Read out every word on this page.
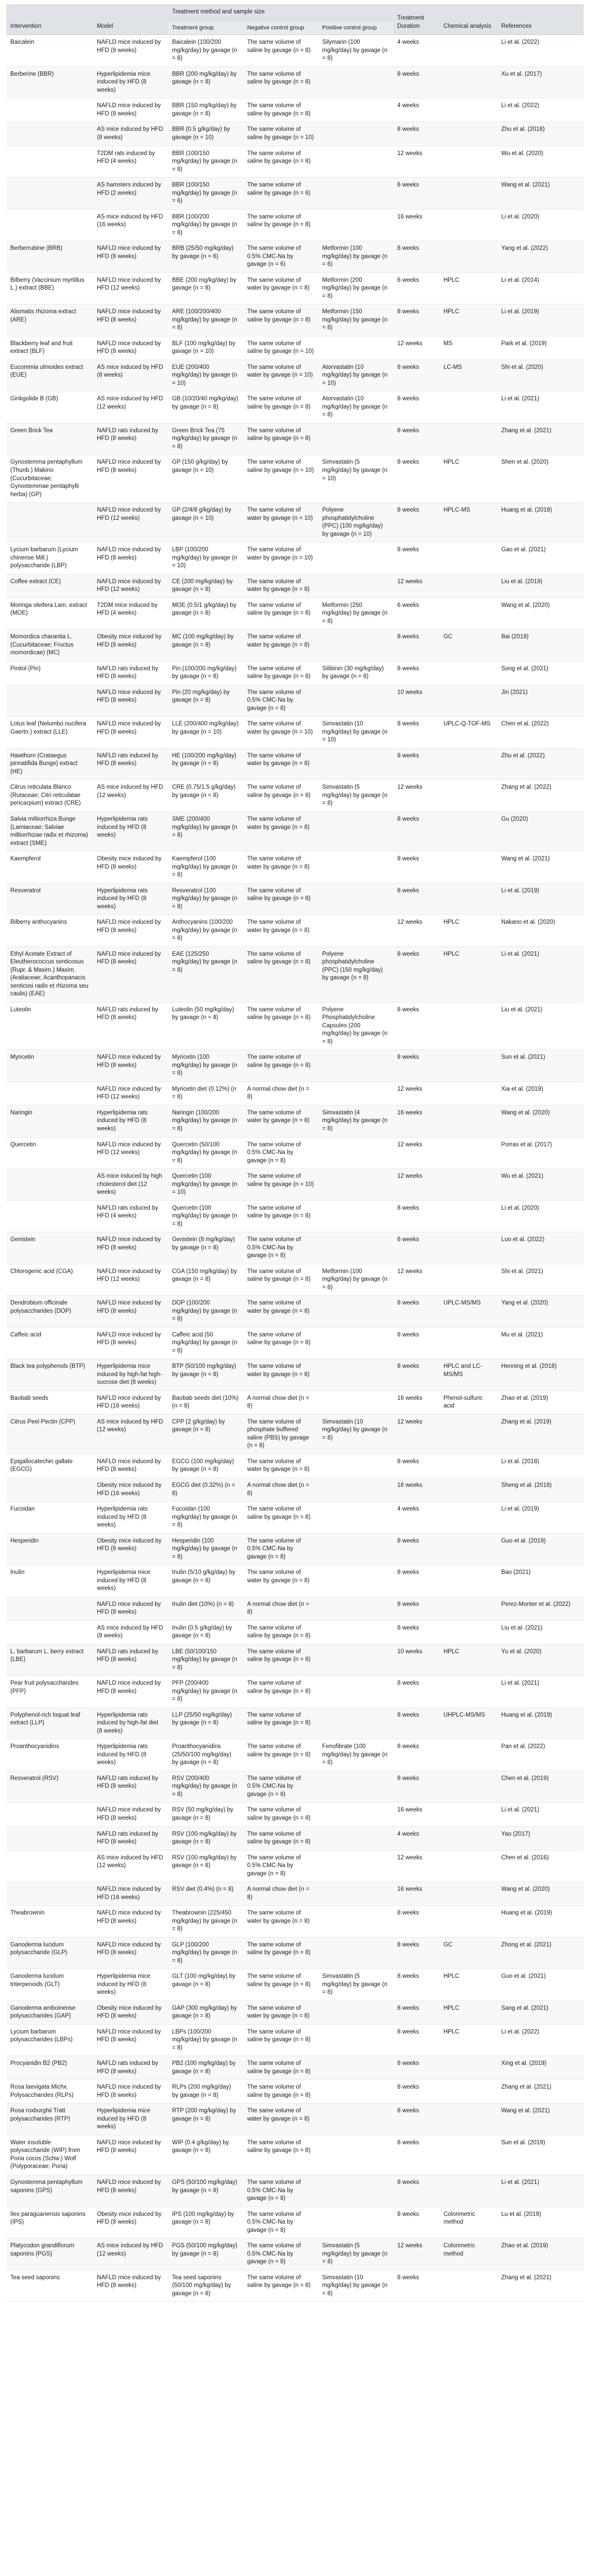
Intervention	Model	Treatment method and sample size			Treatment Duration	Chemical analysis	References
		Treatment group	Negative control group	Positive control group			
Baicalein	NAFLD mice induced by HFD (8 weeks)	Baicalein (100/200 mg/kg/day) by gavage (n = 8)	The same volume of saline by gavage (n = 8)	Silymarin (100 mg/kg/day) by gavage (n = 8)	4 weeks		Li et al. (2022)
Berberine (BBR)	Hyperlipidemia mice induced by HFD (8 weeks)	BBR (200 mg/kg/day) by gavage (n = 8)	The same volume of saline by gavage (n = 8)		8 weeks		Xu et al. (2017)
	NAFLD mice induced by HFD (8 weeks)	BBR (150 mg/kg/day) by gavage (n = 8)	The same volume of saline by gavage (n = 8)		4 weeks		Li et al. (2022)
	AS mice induced by HFD (8 weeks)	BBR (0.5 g/kg/day) by gavage (n = 10)	The same volume of saline by gavage (n = 10)		8 weeks		Zhu et al. (2018)
	T2DM rats induced by HFD (4 weeks)	BBR (100/150 mg/kg/day) by gavage (n = 8)	The same volume of saline by gavage (n = 8)		12 weeks		Wu et al. (2020)
	AS hamsters induced by HFD (2 weeks)	BBR (100/150 mg/kg/day) by gavage (n = 6)	The same volume of saline by gavage (n = 6)		6 weeks		Wang et al. (2021)
	AS mice induced by HFD (16 weeks)	BBR (100/200 mg/kg/day) by gavage (n = 8)	The same volume of saline by gavage (n = 8)		16 weeks		Li et al. (2020)
Berberrubine (BRB)	NAFLD mice induced by HFD (8 weeks)	BRB (25/50 mg/kg/day) by gavage (n = 6)	The same volume of 0.5% CMC-Na by gavage (n = 6)	Metformin (100 mg/kg/day) by gavage (n = 6)	8 weeks		Yang et al. (2022)
Bilberry (Vaccinium myrtillus L.) extract (BBE)	NAFLD mice induced by HFD (12 weeks)	BBE (200 mg/kg/day) by gavage (n = 8)	The same volume of water by gavage (n = 8)	Metformin (200 mg/kg/day) by gavage (n = 8)	6 weeks	HPLC	Li et al. (2014)
Alismatis rhizoma extract (ARE)	NAFLD mice induced by HFD (8 weeks)	ARE (100/200/400 mg/kg/day) by gavage (n = 8)	The same volume of saline by gavage (n = 8)	Metformin (150 mg/kg/day) by gavage (n = 8)	8 weeks	HPLC	Li et al. (2019)
Blackberry leaf and fruit extract (BLF)	NAFLD mice induced by HFD (8 weeks)	BLF (100 mg/kg/day) by gavage (n = 10)	The same volume of saline by gavage (n = 10)		12 weeks	MS	Park et al. (2019)
Eucommia ulmoides extract (EUE)	AS mice induced by HFD (8 weeks)	EUE (200/400 mg/kg/day) by gavage (n = 10)	The same volume of water by gavage (n = 10)	Atorvastatin (10 mg/kg/day) by gavage (n = 10)	8 weeks	LC-MS	Shi et al. (2020)
Ginkgolide B (GB)	AS mice induced by HFD (12 weeks)	GB (10/20/40 mg/kg/day) by gavage (n = 8)	The same volume of saline by gavage (n = 8)	Atorvastatin (10 mg/kg/day) by gavage (n = 8)	8 weeks		Li et al. (2021)
Green Brick Tea	NAFLD rats induced by HFD (8 weeks)	Green Brick Tea (75 mg/kg/day) by gavage (n = 8)	The same volume of saline by gavage (n = 8)		8 weeks		Zhang et al. (2021)
Gynostemma pentaphyllum (Thunb.) Makino (Cucurbitaceae; Gynostemmae pentaphylli herba) (GP)	NAFLD mice induced by HFD (8 weeks)	GP (150 g/kg/day) by gavage (n = 10)	The same volume of saline by gavage (n = 10)	Simvastatin (5 mg/kg/day) by gavage (n = 10)	8 weeks	HPLC	Shen et al. (2020)
	NAFLD mice induced by HFD (12 weeks)	GP (2/4/8 g/kg/day) by gavage (n = 10)	The same volume of water by gavage (n = 10)	Polyene phosphatidylcholine (PPC) (100 mg/kg/day) by gavage (n = 10)	8 weeks	HPLC-MS	Huang et al. (2018)
Lycium barbarum (Lycium chinense Mill.) polysaccharide (LBP)	NAFLD mice induced by HFD (8 weeks)	LBP (100/200 mg/kg/day) by gavage (n = 10)	The same volume of water by gavage (n = 10)		8 weeks		Gao et al. (2021)
Coffee extract (CE)	NAFLD mice induced by HFD (12 weeks)	CE (200 mg/kg/day) by gavage (n = 8)	The same volume of water by gavage (n = 8)		12 weeks		Liu et al. (2019)
Moringa oleifera Lam. extract (MOE)	T2DM mice induced by HFD (4 weeks)	MOE (0.5/1 g/kg/day) by gavage (n = 8)	The same volume of saline by gavage (n = 8)	Metformin (250 mg/kg/day) by gavage (n = 8)	6 weeks		Wang et al. (2020)
Momordica charantia L. (Cucurbitaceae; Fructus momordicae) (MC)	Obesity mice induced by HFD (8 weeks)	MC (100 mg/kg/day) by gavage (n = 8)	The same volume of water by gavage (n = 8)		8 weeks	GC	Bai (2019)
Pinitol (Pin)	NAFLD rats induced by HFD (8 weeks)	Pin (100/200 mg/kg/day) by gavage (n = 8)	The same volume of saline by gavage (n = 8)	Silibinin (30 mg/kg/day) by gavage (n = 8)	8 weeks		Song et al. (2021)
	NAFLD mice induced by HFD (8 weeks)	Pin (20 mg/kg/day) by gavage (n = 8)	The same volume of 0.5% CMC-Na by gavage (n = 8)		10 weeks		Jin (2021)
Lotus leaf (Nelumbo nucifera Gaertn.) extract (LLE)	NAFLD mice induced by HFD (8 weeks)	LLE (200/400 mg/kg/day) by gavage (n = 10)	The same volume of water by gavage (n = 10)	Simvastatin (10 mg/kg/day) by gavage (n = 10)	8 weeks	UPLC-Q-TOF-MS	Chen et al. (2022)
Hawthorn (Crataegus pinnatifida Bunge) extract (HE)	NAFLD rats induced by HFD (8 weeks)	HE (100/200 mg/kg/day) by gavage (n = 8)	The same volume of water by gavage (n = 8)		8 weeks		Zhu et al. (2022)
Citrus reticulata Blanco (Rutaceae; Citri reticulatae pericarpium) extract (CRE)	AS mice induced by HFD (12 weeks)	CRE (0.75/1.5 g/kg/day) by gavage (n = 8)	The same volume of saline by gavage (n = 8)	Simvastatin (5 mg/kg/day) by gavage (n = 8)	12 weeks		Zhang et al. (2022)
Salvia miltiorrhiza Bunge (Lamiaceae; Salviae miltiorrhizae radix et rhizoma) extract (SME)	Hyperlipidemia rats induced by HFD (8 weeks)	SME (200/400 mg/kg/day) by gavage (n = 8)	The same volume of water by gavage (n = 8)		8 weeks		Gu (2020)
Kaempferol	Obesity mice induced by HFD (8 weeks)	Kaempferol (100 mg/kg/day) by gavage (n = 8)	The same volume of water by gavage (n = 8)		8 weeks		Wang et al. (2021)
Resveratrol	Hyperlipidemia rats induced by HFD (8 weeks)	Resveratrol (100 mg/kg/day) by gavage (n = 8)	The same volume of saline by gavage (n = 8)		8 weeks		Li et al. (2019)
Bilberry anthocyanins	NAFLD mice induced by HFD (8 weeks)	Anthocyanins (100/200 mg/kg/day) by gavage (n = 8)	The same volume of water by gavage (n = 8)		12 weeks	HPLC	Nakano et al. (2020)
Ethyl Acetate Extract of Eleutherococcus senticosus (Rupr. & Maxim.) Maxim. (Araliaceae; Acanthopanacis senticosi radix et rhizoma seu caulis) (EAE)	NAFLD mice induced by HFD (8 weeks)	EAE (125/250 mg/kg/day) by gavage (n = 8)	The same volume of saline by gavage (n = 8)	Polyene phosphatidylcholine (PPC) (150 mg/kg/day) by gavage (n = 8)	8 weeks	HPLC	Li et al. (2021)
Luteolin	NAFLD rats induced by HFD (8 weeks)	Luteolin (50 mg/kg/day) by gavage (n = 8)	The same volume of saline by gavage (n = 8)	Polyene Phosphatidylcholine Capsules (200 mg/kg/day) by gavage (n = 8)	8 weeks		Liu et al. (2021)
Myricetin	NAFLD mice induced by HFD (8 weeks)	Myricetin (100 mg/kg/day) by gavage (n = 8)	The same volume of saline by gavage (n = 8)		8 weeks		Sun et al. (2021)
	NAFLD mice induced by HFD (12 weeks)	Myricetin diet (0.12%) (n = 8)	A normal chow diet (n = 8)		12 weeks		Xia et al. (2019)
Naringin	Hyperlipidemia rats induced by HFD (8 weeks)	Naringin (100/200 mg/kg/day) by gavage (n = 8)	The same volume of water by gavage (n = 8)	Simvastatin (4 mg/kg/day) by gavage (n = 8)	16 weeks		Wang et al. (2020)
Quercetin	NAFLD mice induced by HFD (12 weeks)	Quercetin (50/100 mg/kg/day) by gavage (n = 8)	The same volume of 0.5% CMC-Na by gavage (n = 8)		12 weeks		Porras et al. (2017)
	AS mice induced by high cholesterol diet (12 weeks)	Quercetin (100 mg/kg/day) by gavage (n = 10)	The same volume of saline by gavage (n = 10)		12 weeks		Wu et al. (2021)
	NAFLD rats induced by HFD (4 weeks)	Quercetin (100 mg/kg/day) by gavage (n = 8)	The same volume of saline by gavage (n = 8)		8 weeks		Li et al. (2020)
Genistein	NAFLD mice induced by HFD (8 weeks)	Genistein (8 mg/kg/day) by gavage (n = 8)	The same volume of 0.5% CMC-Na by gavage (n = 8)		6 weeks		Luo et al. (2022)
Chlorogenic acid (CGA)	NAFLD mice induced by HFD (12 weeks)	CGA (150 mg/kg/day) by gavage (n = 8)	The same volume of saline by gavage (n = 8)	Metformin (100 mg/kg/day) by gavage (n = 8)	12 weeks		Shi et al. (2021)
Dendrobium officinale polysaccharides (DOP)	NAFLD mice induced by HFD (8 weeks)	DOP (100/200 mg/kg/day) by gavage (n = 8)	The same volume of water by gavage (n = 8)		8 weeks	UPLC-MS/MS	Yang et al. (2020)
Caffeic acid	NAFLD mice induced by HFD (8 weeks)	Caffeic acid (50 mg/kg/day) by gavage (n = 8)	The same volume of saline by gavage (n = 8)		8 weeks		Mu et al. (2021)
Black tea polyphenols (BTP)	Hyperlipidemia mice induced by high-fat high-sucrose diet (8 weeks)	BTP (50/100 mg/kg/day) by gavage (n = 8)	The same volume of water by gavage (n = 8)		8 weeks	HPLC and LC-MS/MS	Henning et al. (2018)
Baobab seeds	NAFLD mice induced by HFD (16 weeks)	Baobab seeds diet (10%) (n = 8)	A normal chow diet (n = 8)		16 weeks	Phenol-sulfuric acid	Zhao et al. (2019)
Citrus Peel Pectin (CPP)	AS mice induced by HFD (12 weeks)	CPP (2 g/kg/day) by gavage (n = 8)	The same volume of phosphate buffered saline (PBS) by gavage (n = 8)	Simvastatin (10 mg/kg/day) by gavage (n = 8)	12 weeks		Zhang et al. (2019)
Epigallocatechin gallate (EGCG)	NAFLD mice induced by HFD (8 weeks)	EGCG (100 mg/kg/day) by gavage (n = 8)	The same volume of water by gavage (n = 8)		8 weeks		Li et al. (2018)
	Obesity mice induced by HFD (16 weeks)	EGCG diet (0.32%) (n = 8)	A normal chow diet (n = 8)		16 weeks		Sheng et al. (2018)
Fucoidan	Hyperlipidemia rats induced by HFD (8 weeks)	Fucoidan (100 mg/kg/day) by gavage (n = 8)	The same volume of saline by gavage (n = 8)		4 weeks		Li et al. (2019)
Hesperidin	Obesity mice induced by HFD (8 weeks)	Hesperidin (100 mg/kg/day) by gavage (n = 8)	The same volume of 0.5% CMC-Na by gavage (n = 8)		8 weeks		Guo et al. (2019)
Inulin	Hyperlipidemia mice induced by HFD (8 weeks)	Inulin (5/10 g/kg/day) by gavage (n = 8)	The same volume of water by gavage (n = 8)		8 weeks		Bao (2021)
	NAFLD mice induced by HFD (8 weeks)	Inulin diet (10%) (n = 8)	A normal chow diet (n = 8)		8 weeks		Perez-Monter et al. (2022)
	AS mice induced by HFD (8 weeks)	Inulin (0.5 g/kg/day) by gavage (n = 8)	The same volume of saline by gavage (n = 8)		8 weeks		Liu et al. (2021)
L. barbarum L. berry extract (LBE)	NAFLD rats induced by HFD (8 weeks)	LBE (50/100/150 mg/kg/day) by gavage (n = 8)	The same volume of saline by gavage (n = 8)		10 weeks	HPLC	Yu et al. (2020)
Pear fruit polysaccharides (PFP)	NAFLD mice induced by HFD (8 weeks)	PFP (200/400 mg/kg/day) by gavage (n = 8)	The same volume of saline by gavage (n = 8)		8 weeks		Li et al. (2021)
Polyphenol-rich loquat leaf extract (LLP)	Hyperlipidemia rats induced by high-fat diet (8 weeks)	LLP (25/50 mg/kg/day) by gavage (n = 8)	The same volume of saline by gavage (n = 8)		8 weeks	UHPLC-MS/MS	Huang et al. (2019)
Proanthocyanidins	Hyperlipidemia rats induced by HFD (8 weeks)	Proanthocyanidins (25/50/100 mg/kg/day) by gavage (n = 8)	The same volume of saline by gavage (n = 8)	Fenofibrate (100 mg/kg/day) by gavage (n = 8)	8 weeks		Pan et al. (2022)
Resveratrol (RSV)	NAFLD rats induced by HFD (8 weeks)	RSV (200/400 mg/kg/day) by gavage (n = 8)	The same volume of 0.5% CMC-Na by gavage (n = 8)		8 weeks		Chen et al. (2019)
	NAFLD mice induced by HFD (8 weeks)	RSV (50 mg/kg/day) by gavage (n = 8)	The same volume of saline by gavage (n = 8)		16 weeks		Li et al. (2021)
	NAFLD rats induced by HFD (8 weeks)	RSV (100 mg/kg/day) by gavage (n = 8)	The same volume of saline by gavage (n = 8)		4 weeks		Yao (2017)
	AS mice induced by HFD (12 weeks)	RSV (100 mg/kg/day) by gavage (n = 8)	The same volume of 0.5% CMC-Na by gavage (n = 8)		12 weeks		Chen et al. (2016)
	NAFLD mice induced by HFD (16 weeks)	RSV diet (0.4%) (n = 8)	A normal chow diet (n = 8)		16 weeks		Wang et al. (2020)
Theabrownin	NAFLD mice induced by HFD (8 weeks)	Theabrownin (225/450 mg/kg/day) by gavage (n = 8)	The same volume of water by gavage (n = 8)		8 weeks		Huang et al. (2019)
Ganoderma lucidum polysaccharide (GLP)	NAFLD mice induced by HFD (8 weeks)	GLP (100/200 mg/kg/day) by gavage (n = 8)	The same volume of saline by gavage (n = 8)		8 weeks	GC	Zhong et al. (2021)
Ganoderma lucidum triterpenoids (GLT)	Hyperlipidemia mice induced by HFD (8 weeks)	GLT (100 mg/kg/day) by gavage (n = 8)	The same volume of saline by gavage (n = 8)	Simvastatin (5 mg/kg/day) by gavage (n = 8)	8 weeks	HPLC	Guo et al. (2021)
Ganoderma amboinense polysaccharides (GAP)	Obesity mice induced by HFD (8 weeks)	GAP (300 mg/kg/day) by gavage (n = 8)	The same volume of water by gavage (n = 8)		8 weeks	HPLC	Sang et al. (2021)
Lycium barbarum polysaccharides (LBPs)	NAFLD mice induced by HFD (8 weeks)	LBPs (100/200 mg/kg/day) by gavage (n = 8)	The same volume of saline by gavage (n = 8)		8 weeks	HPLC	Li et al. (2022)
Procyanidin B2 (PB2)	NAFLD rats induced by HFD (8 weeks)	PB2 (100 mg/kg/day) by gavage (n = 8)	The same volume of saline by gavage (n = 8)		8 weeks		Xing et al. (2019)
Rosa laevigata Michx. Polysaccharides (RLPs)	NAFLD mice induced by HFD (8 weeks)	RLPs (200 mg/kg/day) by gavage (n = 8)	The same volume of saline by gavage (n = 8)		8 weeks		Zhang et al. (2021)
Rosa roxburghii Tratt polysaccharides (RTP)	Hyperlipidemia mice induced by HFD (8 weeks)	RTP (200 mg/kg/day) by gavage (n = 8)	The same volume of water by gavage (n = 8)		8 weeks		Wang et al. (2021)
Water insoluble polysaccharide (WIP) from Poria cocos (Schw.) Wolf (Polyporaceae; Poria)	NAFLD mice induced by HFD (8 weeks)	WIP (0.4 g/kg/day) by gavage (n = 8)	The same volume of saline by gavage (n = 8)		8 weeks		Sun et al. (2019)
Gynostemma pentaphyllum saponins (GPS)	NAFLD mice induced by HFD (8 weeks)	GPS (50/100 mg/kg/day) by gavage (n = 8)	The same volume of 0.5% CMC-Na by gavage (n = 8)		8 weeks		Li et al. (2021)
Ilex paraguariensis saponins (IPS)	Obesity mice induced by HFD (8 weeks)	IPS (100 mg/kg/day) by gavage (n = 8)	The same volume of 0.5% CMC-Na by gavage (n = 8)		8 weeks	Colorimetric method	Lu et al. (2019)
Platycodon grandiflorum saponins (PGS)	AS mice induced by HFD (12 weeks)	PGS (50/100 mg/kg/day) by gavage (n = 8)	The same volume of 0.5% CMC-Na by gavage (n = 8)	Simvastatin (5 mg/kg/day) by gavage (n = 8)	12 weeks	Colorimetric method	Zhao et al. (2019)
Tea seed saponins	NAFLD mice induced by HFD (8 weeks)	Tea seed saponins (50/100 mg/kg/day) by gavage (n = 8)	The same volume of saline by gavage (n = 8)	Simvastatin (10 mg/kg/day) by gavage (n = 8)	8 weeks		Zhang et al. (2021)
